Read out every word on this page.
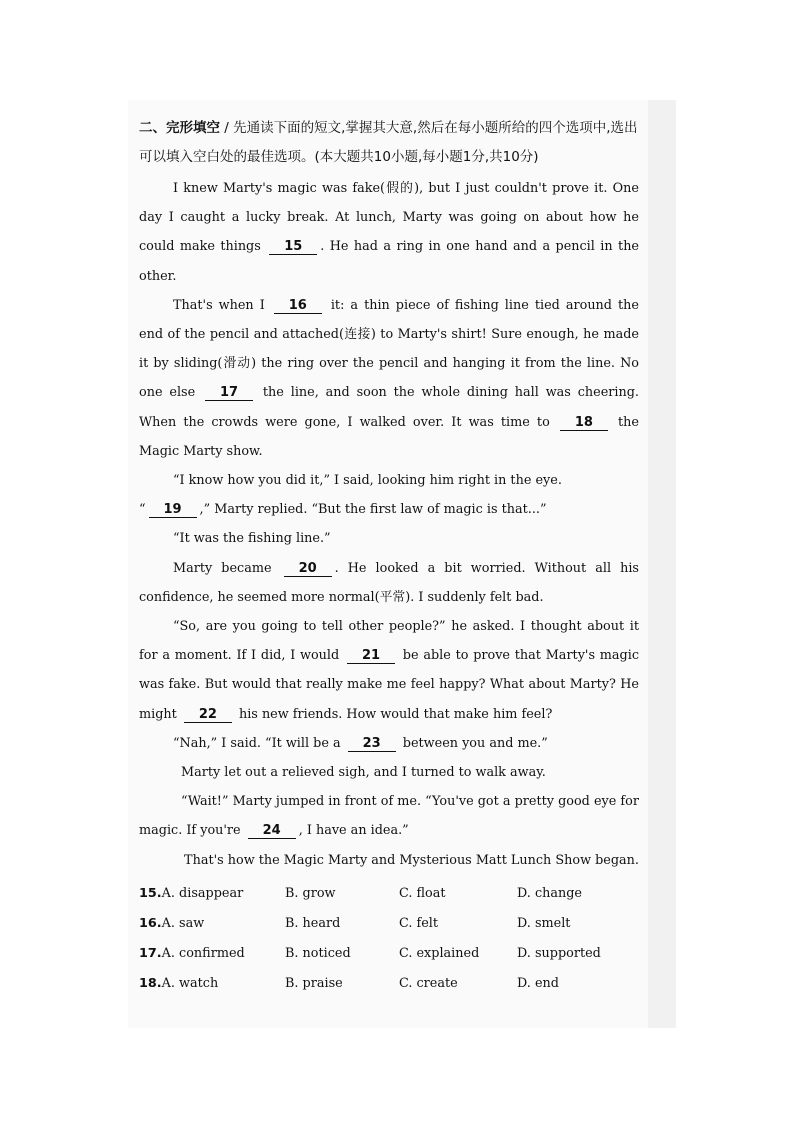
二、完形填空 / 先通读下面的短文,掌握其大意,然后在每小题所给的四个选项中,选出可以填入空白处的最佳选项。(本大题共10小题,每小题1分,共10分)

I knew Marty's magic was fake(假的), but I just couldn't prove it. One day I caught a lucky break. At lunch, Marty was going on about how he could make things 15 . He had a ring in one hand and a pencil in the other.

That's when I 16 it: a thin piece of fishing line tied around the end of the pencil and attached(连接) to Marty's shirt! Sure enough, he made it by sliding(滑动) the ring over the pencil and hanging it from the line. No one else 17 the line, and soon the whole dining hall was cheering. When the crowds were gone, I walked over. It was time to 18 the Magic Marty show.

“I know how you did it,” I said, looking him right in the eye.

“ 19 ,” Marty replied. “But the first law of magic is that...”

“It was the fishing line.”

Marty became 20 . He looked a bit worried. Without all his confidence, he seemed more normal(平常). I suddenly felt bad.

“So, are you going to tell other people?” he asked. I thought about it for a moment. If I did, I would 21 be able to prove that Marty's magic was fake. But would that really make me feel happy? What about Marty? He might 22 his new friends. How would that make him feel?

“Nah,” I said. “It will be a 23 between you and me.”

Marty let out a relieved sigh, and I turned to walk away.

“Wait!” Marty jumped in front of me. “You've got a pretty good eye for magic. If you're 24 , I have an idea.”

That's how the Magic Marty and Mysterious Matt Lunch Show began.

15.A. disappear	B. grow	C. float	D. change
16.A. saw	B. heard	C. felt	D. smelt
17.A. confirmed	B. noticed	C. explained	D. supported
18.A. watch	B. praise	C. create	D. end
